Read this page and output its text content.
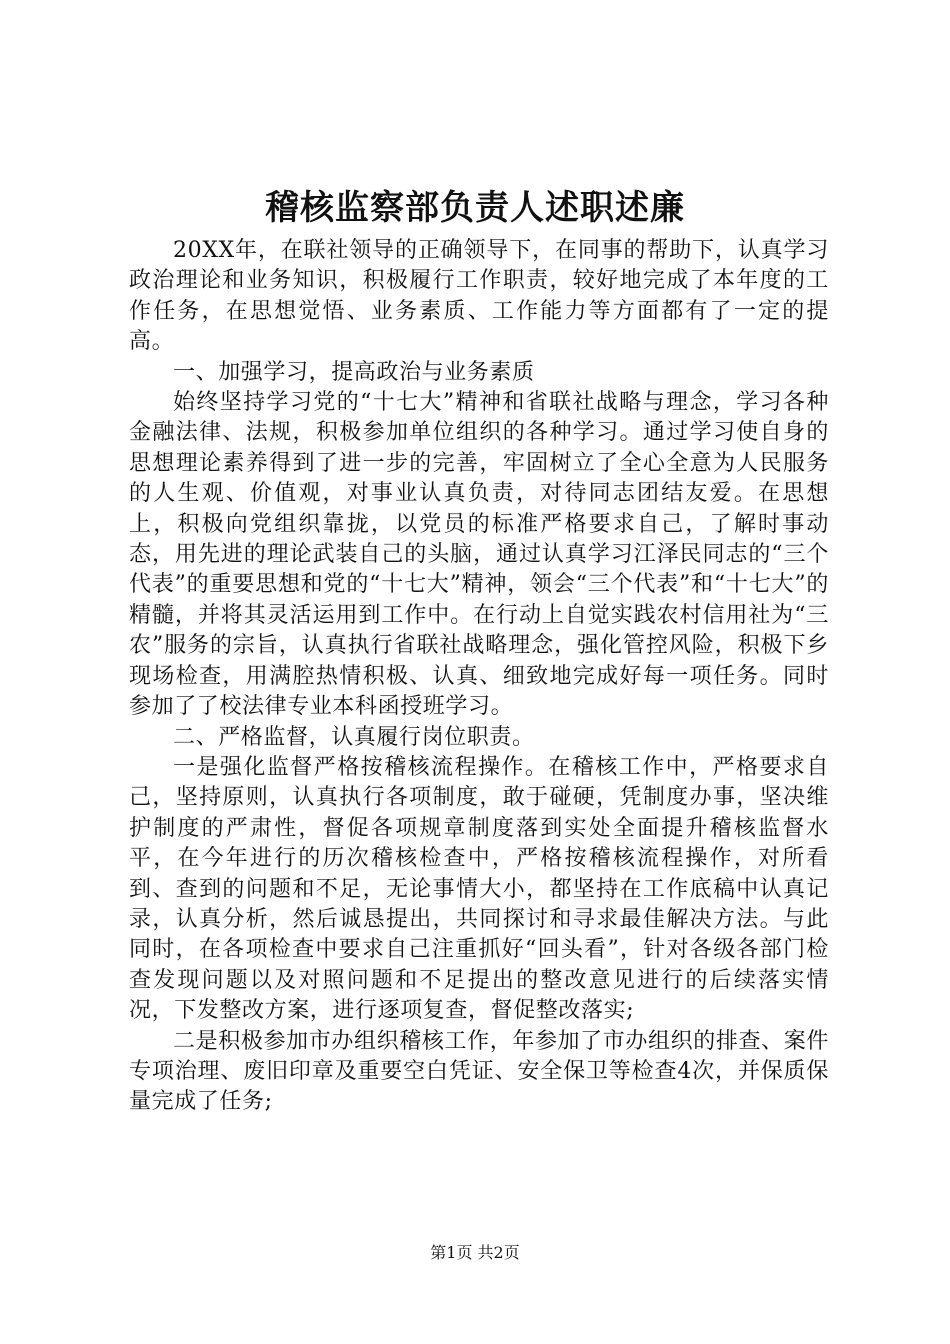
稽核监察部负责人述职述廉

20XX年，在联社领导的正确领导下，在同事的帮助下，认真学习政治理论和业务知识，积极履行工作职责，较好地完成了本年度的工作任务，在思想觉悟、业务素质、工作能力等方面都有了一定的提高。

一、加强学习，提高政治与业务素质

始终坚持学习党的“十七大”精神和省联社战略与理念，学习各种金融法律、法规，积极参加单位组织的各种学习。通过学习使自身的思想理论素养得到了进一步的完善，牢固树立了全心全意为人民服务的人生观、价值观，对事业认真负责，对待同志团结友爱。在思想上，积极向党组织靠拢，以党员的标准严格要求自己，了解时事动态，用先进的理论武装自己的头脑，通过认真学习江泽民同志的“三个代表”的重要思想和党的“十七大”精神，领会“三个代表”和“十七大”的精髓，并将其灵活运用到工作中。在行动上自觉实践农村信用社为“三农”服务的宗旨，认真执行省联社战略理念，强化管控风险，积极下乡现场检查，用满腔热情积极、认真、细致地完成好每一项任务。同时参加了了校法律专业本科函授班学习。

二、严格监督，认真履行岗位职责。

一是强化监督严格按稽核流程操作。在稽核工作中，严格要求自己，坚持原则，认真执行各项制度，敢于碰硬，凭制度办事，坚决维护制度的严肃性，督促各项规章制度落到实处全面提升稽核监督水平，在今年进行的历次稽核检查中，严格按稽核流程操作，对所看到、查到的问题和不足，无论事情大小，都坚持在工作底稿中认真记录，认真分析，然后诚恳提出，共同探讨和寻求最佳解决方法。与此同时，在各项检查中要求自己注重抓好“回头看”，针对各级各部门检查发现问题以及对照问题和不足提出的整改意见进行的后续落实情况，下发整改方案，进行逐项复查，督促整改落实;

二是积极参加市办组织稽核工作，年参加了市办组织的排查、案件专项治理、废旧印章及重要空白凭证、安全保卫等检查4次，并保质保量完成了任务;

第1页 共2页
